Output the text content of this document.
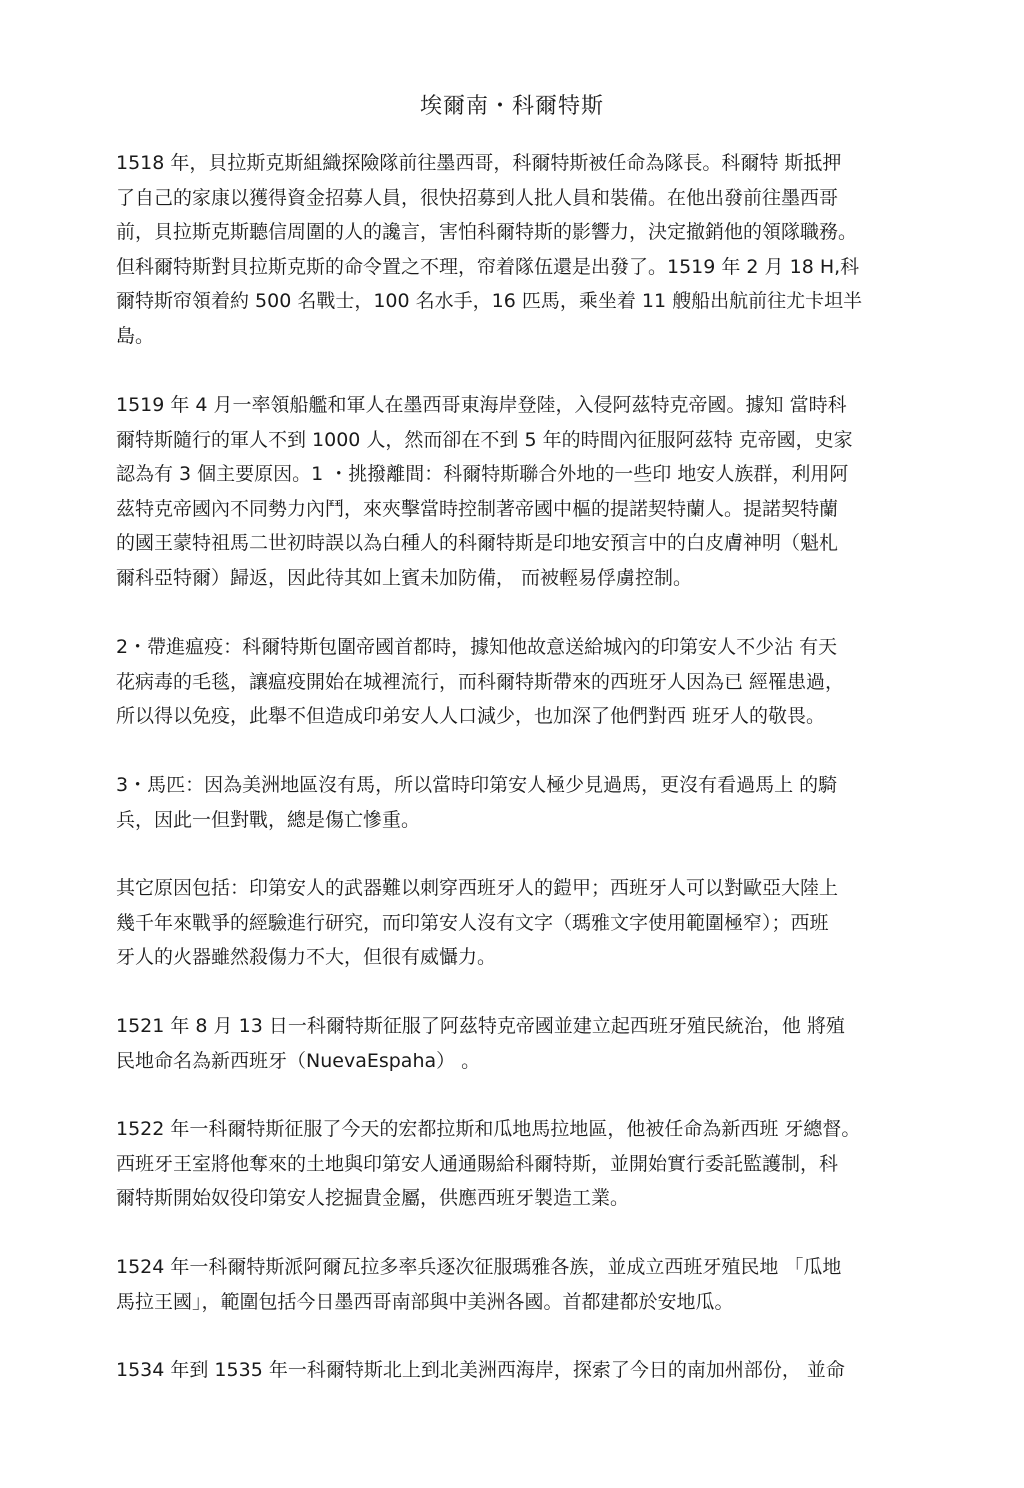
埃爾南・科爾特斯
1518 年，貝拉斯克斯組織探險隊前往墨西哥，科爾特斯被任命為隊長。科爾特 斯抵押
了自己的家康以獲得資金招募人員，很快招募到人批人員和裝備。在他出發前往墨西哥
前，貝拉斯克斯聽信周圍的人的讒言，害怕科爾特斯的影響力，決定撤銷他的領隊職務。
但科爾特斯對貝拉斯克斯的命令置之不理，帘着隊伍還是出發了。1519 年 2 月 18 H,科
爾特斯帘領着約 500 名戰士，100 名水手，16 匹馬，乘坐着 11 艘船出航前往尤卡坦半
島。
1519 年 4 月一率領船艦和軍人在墨西哥東海岸登陸，入侵阿茲特克帝國。據知 當時科
爾特斯隨行的軍人不到 1000 人，然而卻在不到 5 年的時間內征服阿茲特 克帝國，史家
認為有 3 個主要原因。1 ・挑撥離間：科爾特斯聯合外地的一些印 地安人族群，利用阿
茲特克帝國內不同勢力內鬥，來夾擊當時控制著帝國中樞的提諾契特蘭人。提諾契特蘭
的國王蒙特祖馬二世初時誤以為白種人的科爾特斯是印地安預言中的白皮膚神明（魁札
爾科亞特爾）歸返，因此待其如上賓未加防備， 而被輕易俘虜控制。
2・帶進瘟疫：科爾特斯包圍帝國首都時，據知他故意送給城內的印第安人不少沾 有天
花病毒的毛毯，讓瘟疫開始在城裡流行，而科爾特斯帶來的西班牙人因為已 經罹患過，
所以得以免疫，此舉不但造成印弟安人人口減少，也加深了他們對西 班牙人的敬畏。
3・馬匹：因為美洲地區沒有馬，所以當時印第安人極少見過馬，更沒有看過馬上 的騎
兵，因此一但對戰，總是傷亡慘重。
其它原因包括：印第安人的武器難以刺穿西班牙人的鎧甲；西班牙人可以對歐亞大陸上
幾千年來戰爭的經驗進行研究，而印第安人沒有文字（瑪雅文字使用範圍極窄）；西班
牙人的火器雖然殺傷力不大，但很有威懾力。
1521 年 8 月 13 日一科爾特斯征服了阿茲特克帝國並建立起西班牙殖民統治，他 將殖
民地命名為新西班牙（NuevaEspaha） 。
1522 年一科爾特斯征服了今天的宏都拉斯和瓜地馬拉地區，他被任命為新西班 牙總督。
西班牙王室將他奪來的土地與印第安人通通賜給科爾特斯，並開始實行委託監護制，科
爾特斯開始奴役印第安人挖掘貴金屬，供應西班牙製造工業。
1524 年一科爾特斯派阿爾瓦拉多率兵逐次征服瑪雅各族，並成立西班牙殖民地 「瓜地
馬拉王國」，範圍包括今日墨西哥南部與中美洲各國。首都建都於安地瓜。
1534 年到 1535 年一科爾特斯北上到北美洲西海岸，探索了今日的南加州部份， 並命
